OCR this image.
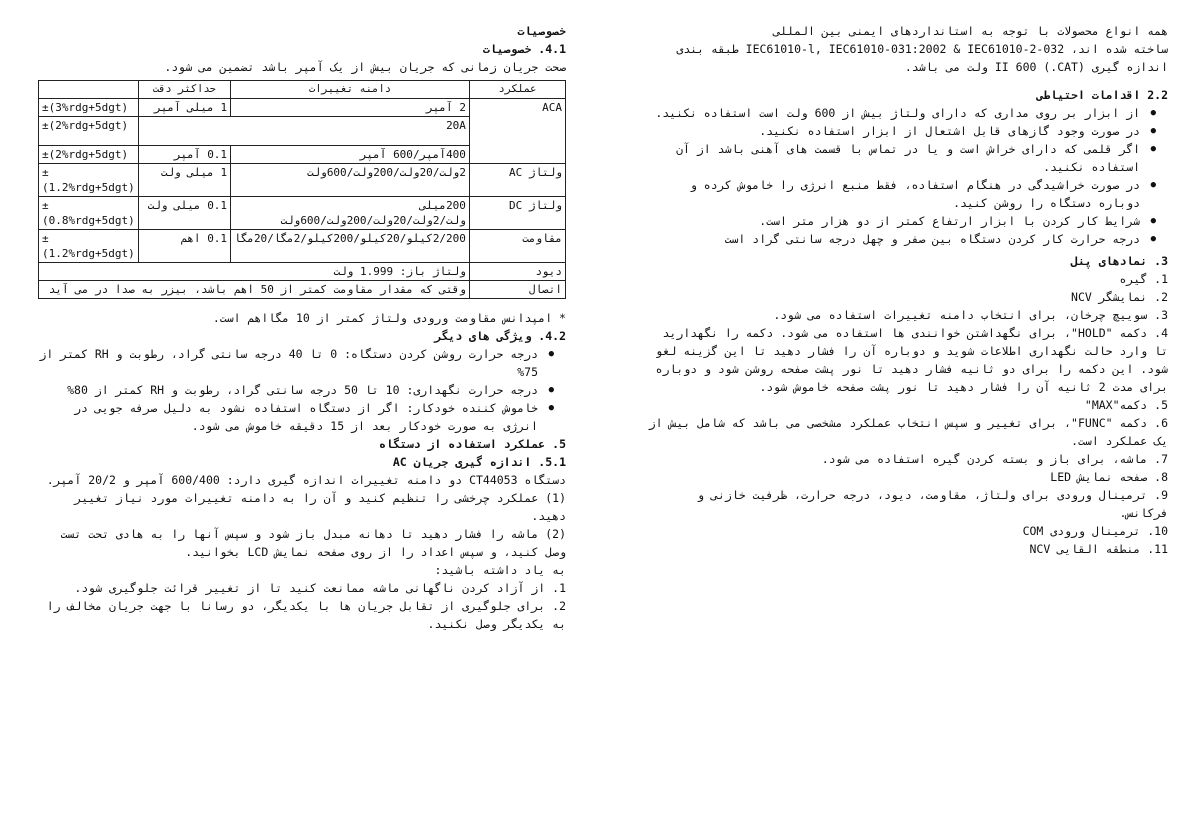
خصوصیات

4.1. خصوصیات

صحت جریان زمانی که جریان بیش از یک آمپر باشد تضمین می شود.

عملکرد	دامنه تغییرات	حداکثر دقت	
ACA	2 آمپر	1 میلی آمپر	±(3%rdg+5dgt)
	20A		±(2%rdg+5dgt)
	400آمپر/600 آمپر	0.1 آمپر	±(2%rdg+5dgt)
ولتاژ AC	2ولت/20ولت/200ولت/600ولت	1 میلی ولت	±(1.2%rdg+5dgt)
ولتاژ DC	200میلی ولت/2ولت/20ولت/200ولت/600ولت	0.1 میلی ولت	±(0.8%rdg+5dgt)
مقاومت	2/200کیلو/20کیلو/200کیلو/2مگا/20مگا	0.1 اهم	±(1.2%rdg+5dgt)
دیود	ولتاژ باز: 1.999 ولت		
اتصال	وقتی که مقدار مقاومت کمتر از 50 اهم باشد، بیزر به صدا در می آید		

* امپدانس مقاومت ورودی ولتاژ کمتر از 10 مگااهم است.

4.2. ویژگی های دیگر

● درجه حرارت روشن کردن دستگاه: 0 تا 40 درجه سانتی گراد، رطوبت و RH کمتر از 75%
● درجه حرارت نگهداری: 10 تا 50 درجه سانتی گراد، رطوبت و RH کمتر از 80%
● خاموش کننده خودکار: اگر از دستگاه استفاده نشود به دلیل صرفه جویی در انرژی به صورت خودکار بعد از 15 دقیقه خاموش می شود.

5. عملکرد استفاده از دستگاه

5.1. اندازه گیری جریان AC

دستگاه CT44053 دو دامنه تغییرات اندازه گیری دارد: 600/400 آمپر و 20/2 آمپر.

(1) عملکرد چرخشی را تنظیم کنید و آن را به دامنه تغییرات مورد نیاز تغییر دهید.

(2) ماشه را فشار دهید تا دهانه مبدل باز شود و سپس آنها را به هادی تحت تست وصل کنید، و سپس اعداد را از روی صفحه نمایش LCD بخوانید.

به یاد داشته باشید:

1. از آزاد کردن ناگهانی ماشه ممانعت کنید تا از تغییر قرائت جلوگیری شود.

2. برای جلوگیری از تقابل جریان ها با یکدیگر، دو رسانا با جهت جریان مخالف را به یکدیگر وصل نکنید.

همه انواع محصولات با توجه به استانداردهای ایمنی بین المللی

ساخته شده اند، IEC61010-l, IEC61010-031:2002 & IEC61010-2-032 طبقه بندی

اندازه گیری (CAT.) II 600 ولت می باشد.

2.2 اقدامات احتیاطی

● از ابزار بر روی مداری که دارای ولتاژ بیش از 600 ولت است استفاده نکنید.
● در صورت وجود گازهای قابل اشتعال از ابزار استفاده نکنید.
● اگر قلمی که دارای خراش است و یا در تماس با قسمت های آهنی باشد از آن استفاده نکنید.
● در صورت خراشیدگی در هنگام استفاده، فقط منبع انرژی را خاموش کرده و دوباره دستگاه را روشن کنید.
● شرایط کار کردن با ابزار ارتفاع کمتر از دو هزار متر است.
● درجه حرارت کار کردن دستگاه بین صفر و چهل درجه سانتی گراد است

3. نمادهای پنل

1. گیره
2. نمایشگر NCV
3. سوییچ چرخان، برای انتخاب دامنه تغییرات استفاده می شود.
4. دکمه "HOLD"، برای نگهداشتن خوانندی ها استفاده می شود. دکمه را نگهدارید تا وارد حالت نگهداری اطلاعات شوید و دوباره آن را فشار دهید تا این گزینه لغو شود. این دکمه را برای دو ثانیه فشار دهید تا نور پشت صفحه روشن شود و دوباره برای مدت 2 ثانیه آن را فشار دهید تا نور پشت صفحه خاموش شود.
5. دکمه"MAX"
6. دکمه "FUNC"، برای تغییر و سپس انتخاب عملکرد مشخصی می باشد که شامل بیش از یک عملکرد است.
7. ماشه، برای باز و بسته کردن گیره استفاده می شود.
8. صفحه نمایش LED
9. ترمینال ورودی برای ولتاژ، مقاومت، دیود، درجه حرارت، ظرفیت خازنی و فرکانس.
10. ترمینال ورودی COM
11. منطقه القایی NCV
